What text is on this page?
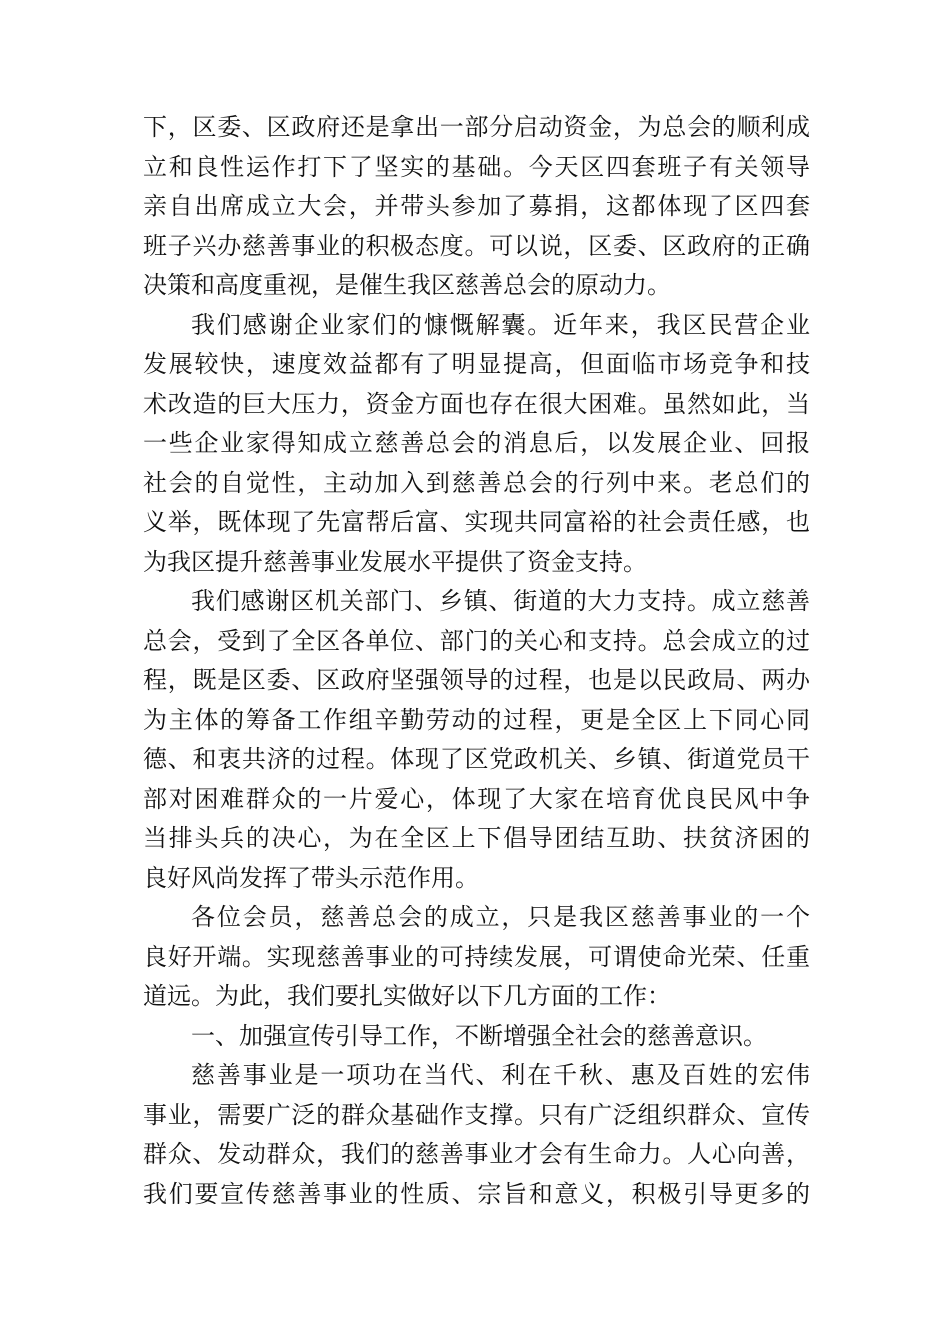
下，区委、区政府还是拿出一部分启动资金，为总会的顺利成
立和良性运作打下了坚实的基础。今天区四套班子有关领导
亲自出席成立大会，并带头参加了募捐，这都体现了区四套
班子兴办慈善事业的积极态度。可以说，区委、区政府的正确
决策和高度重视，是催生我区慈善总会的原动力。
我们感谢企业家们的慷慨解囊。近年来，我区民营企业
发展较快，速度效益都有了明显提高，但面临市场竞争和技
术改造的巨大压力，资金方面也存在很大困难。虽然如此，当
一些企业家得知成立慈善总会的消息后，以发展企业、回报
社会的自觉性，主动加入到慈善总会的行列中来。老总们的
义举，既体现了先富帮后富、实现共同富裕的社会责任感，也
为我区提升慈善事业发展水平提供了资金支持。
我们感谢区机关部门、乡镇、街道的大力支持。成立慈善
总会，受到了全区各单位、部门的关心和支持。总会成立的过
程，既是区委、区政府坚强领导的过程，也是以民政局、两办
为主体的筹备工作组辛勤劳动的过程，更是全区上下同心同
德、和衷共济的过程。体现了区党政机关、乡镇、街道党员干
部对困难群众的一片爱心，体现了大家在培育优良民风中争
当排头兵的决心，为在全区上下倡导团结互助、扶贫济困的
良好风尚发挥了带头示范作用。
各位会员，慈善总会的成立，只是我区慈善事业的一个
良好开端。实现慈善事业的可持续发展，可谓使命光荣、任重
道远。为此，我们要扎实做好以下几方面的工作：
一、加强宣传引导工作，不断增强全社会的慈善意识。
慈善事业是一项功在当代、利在千秋、惠及百姓的宏伟
事业，需要广泛的群众基础作支撑。只有广泛组织群众、宣传
群众、发动群众，我们的慈善事业才会有生命力。人心向善，
我们要宣传慈善事业的性质、宗旨和意义，积极引导更多的
